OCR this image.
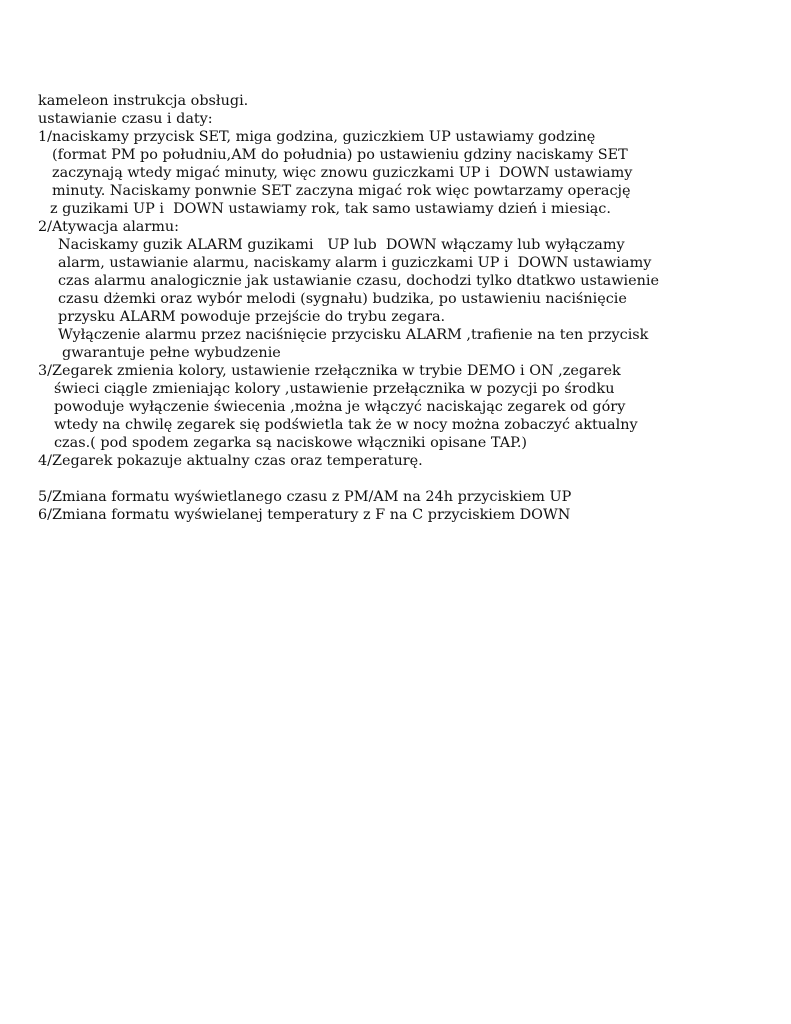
kameleon instrukcja obsługi.
ustawianie czasu i daty:
1/naciskamy przycisk SET, miga godzina, guziczkiem UP ustawiamy godzinę
(format PM po południu,AM do południa) po ustawieniu gdziny naciskamy SET
zaczynają wtedy migać minuty, więc znowu guziczkami UP i  DOWN ustawiamy
minuty. Naciskamy ponwnie SET zaczyna migać rok więc powtarzamy operację
z guzikami UP i  DOWN ustawiamy rok, tak samo ustawiamy dzień i miesiąc.
2/Atywacja alarmu:
Naciskamy guzik ALARM guzikami   UP lub  DOWN włączamy lub wyłączamy
alarm, ustawianie alarmu, naciskamy alarm i guziczkami UP i  DOWN ustawiamy
czas alarmu analogicznie jak ustawianie czasu, dochodzi tylko dtatkwo ustawienie
czasu dżemki oraz wybór melodi (sygnału) budzika, po ustawieniu naciśnięcie
przysku ALARM powoduje przejście do trybu zegara.
Wyłączenie alarmu przez naciśnięcie przycisku ALARM ,trafienie na ten przycisk
gwarantuje pełne wybudzenie
3/Zegarek zmienia kolory, ustawienie rzełącznika w trybie DEMO i ON ,zegarek
świeci ciągle zmieniając kolory ,ustawienie przełącznika w pozycji po środku
powoduje wyłączenie świecenia ,można je włączyć naciskając zegarek od góry
wtedy na chwilę zegarek się podświetla tak że w nocy można zobaczyć aktualny
czas.( pod spodem zegarka są naciskowe włączniki opisane TAP.)
4/Zegarek pokazuje aktualny czas oraz temperaturę.
5/Zmiana formatu wyświetlanego czasu z PM/AM na 24h przyciskiem UP
6/Zmiana formatu wyświelanej temperatury z F na C przyciskiem DOWN
